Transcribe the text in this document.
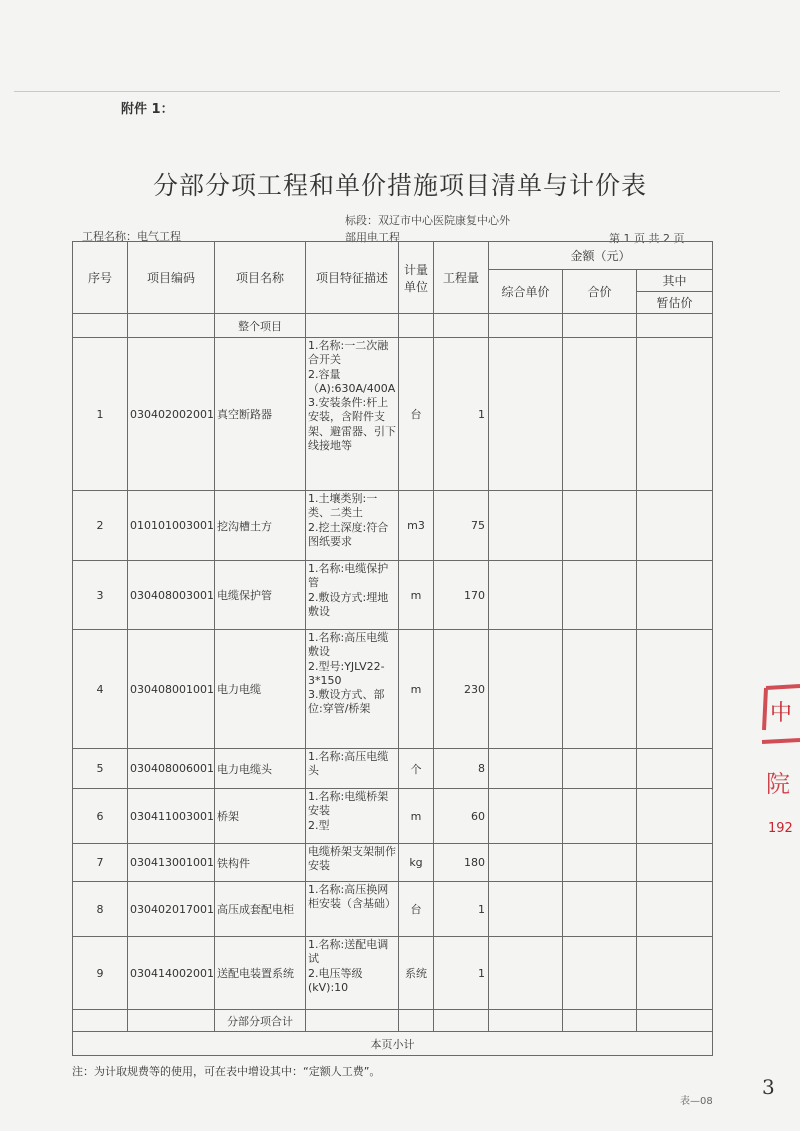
附件 1：
分部分项工程和单价措施项目清单与计价表
工程名称：电气工程
标段：双辽市中心医院康复中心外
部用电工程	第 1 页 共 2 页
序号	项目编码	项目名称	项目特征描述	计量单位	工程量	金额（元）		
						综合单价	合价	其中
								暂估价
		整个项目						
1	030402002001	真空断路器	1.名称:一二次融合开关
2.容量（A):630A/400A
3.安装条件:杆上安装，含附件支架、避雷器、引下线接地等	台	1			
2	010101003001	挖沟槽土方	1.土壤类别:一类、二类土
2.挖土深度:符合图纸要求	m3	75			
3	030408003001	电缆保护管	1.名称:电缆保护管
2.敷设方式:埋地敷设	m	170			
4	030408001001	电力电缆	1.名称:高压电缆敷设
2.型号:YJLV22-3*150
3.敷设方式、部位:穿管/桥架	m	230			
5	030408006001	电力电缆头	1.名称:高压电缆头	个	8			
6	030411003001	桥架	1.名称:电缆桥架安装
2.型	m	60			
7	030413001001	铁构件	电缆桥架支架制作安装	kg	180			
8	030402017001	高压成套配电柜	1.名称:高压换网柜安装（含基础）	台	1			
9	030414002001	送配电装置系统	1.名称:送配电调试
2.电压等级(kV):10	系统	1			
		分部分项合计						
本页小计								
注：为计取规费等的使用，可在表中增设其中：“定额人工费”。
表—08
3
中
院
192
